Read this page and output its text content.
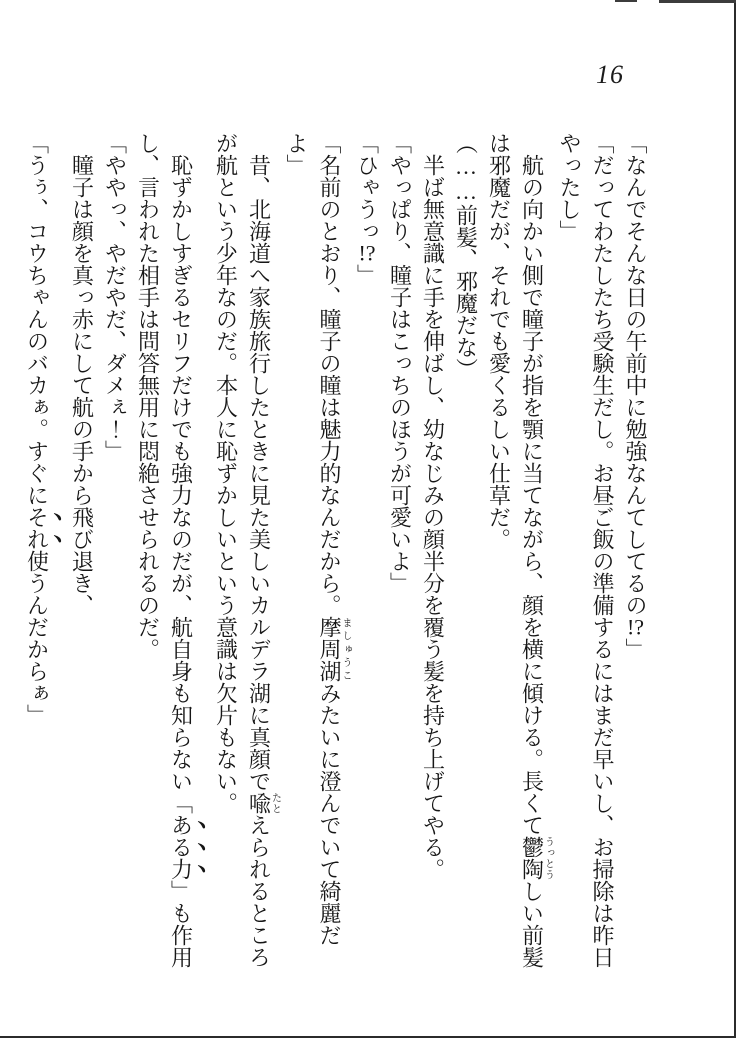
16

「なんでそんな日の午前中に勉強なんてしてるの!?」

「だってわたしたち受験生だし。お昼ご飯の準備するにはまだ早いし、お掃除は昨日やったし」

航の向かい側で瞳子が指を顎に当てながら、顔を横に傾ける。長くて鬱陶うっとうしい前髪は邪魔だが、それでも愛くるしい仕草だ。

（……前髪、邪魔だな）

半ば無意識に手を伸ばし、幼なじみの顔半分を覆う髪を持ち上げてやる。

「やっぱり、瞳子はこっちのほうが可愛いよ」

「ひゃうっ!?」

「名前のとおり、瞳子の瞳は魅力的なんだから。摩周湖ましゅうこみたいに澄んでいて綺麗だよ」

昔、北海道へ家族旅行したときに見た美しいカルデラ湖に真顔で喩たとえられるところが航という少年なのだ。本人に恥ずかしいという意識は欠片もない。

恥ずかしすぎるセリフだけでも強力なのだが、航自身も知らない「ある力」も作用し、言われた相手は問答無用に悶絶させられるのだ。

「ややっ、やだやだ、ダメぇ！」

瞳子は顔を真っ赤にして航の手から飛び退き、

「うぅ、コウちゃんのバカぁ。すぐにそれ使うんだからぁ」
